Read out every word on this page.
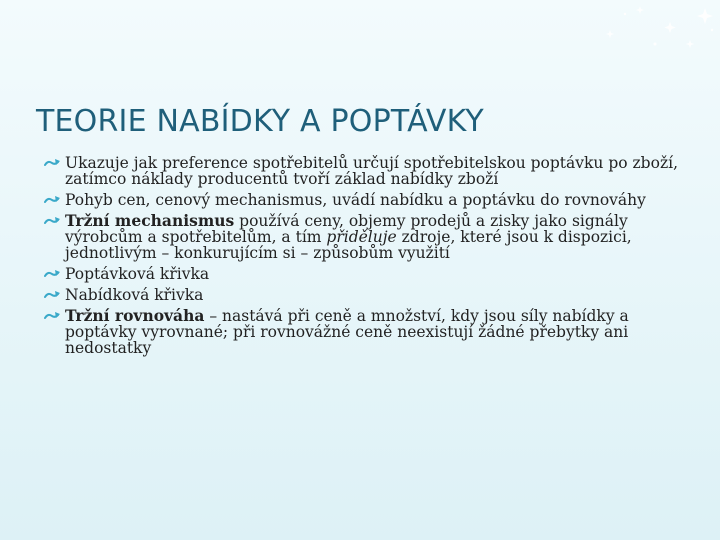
TEORIE NABÍDKY A POPTÁVKY
Ukazuje jak preference spotřebitelů určují spotřebitelskou poptávku po zboží, zatímco náklady producentů tvoří základ nabídky zboží
Pohyb cen, cenový mechanismus, uvádí nabídku a poptávku do rovnováhy
Tržní mechanismus používá ceny, objemy prodejů a zisky jako signály výrobcům a spotřebitelům, a tím přiděluje zdroje, které jsou k dispozici, jednotlivým – konkurujícím si – způsobům využití
Poptávková křivka
Nabídková křivka
Tržní rovnováha – nastává při ceně a množství, kdy jsou síly nabídky a poptávky vyrovnané; při rovnovážné ceně neexistují žádné přebytky ani nedostatky
